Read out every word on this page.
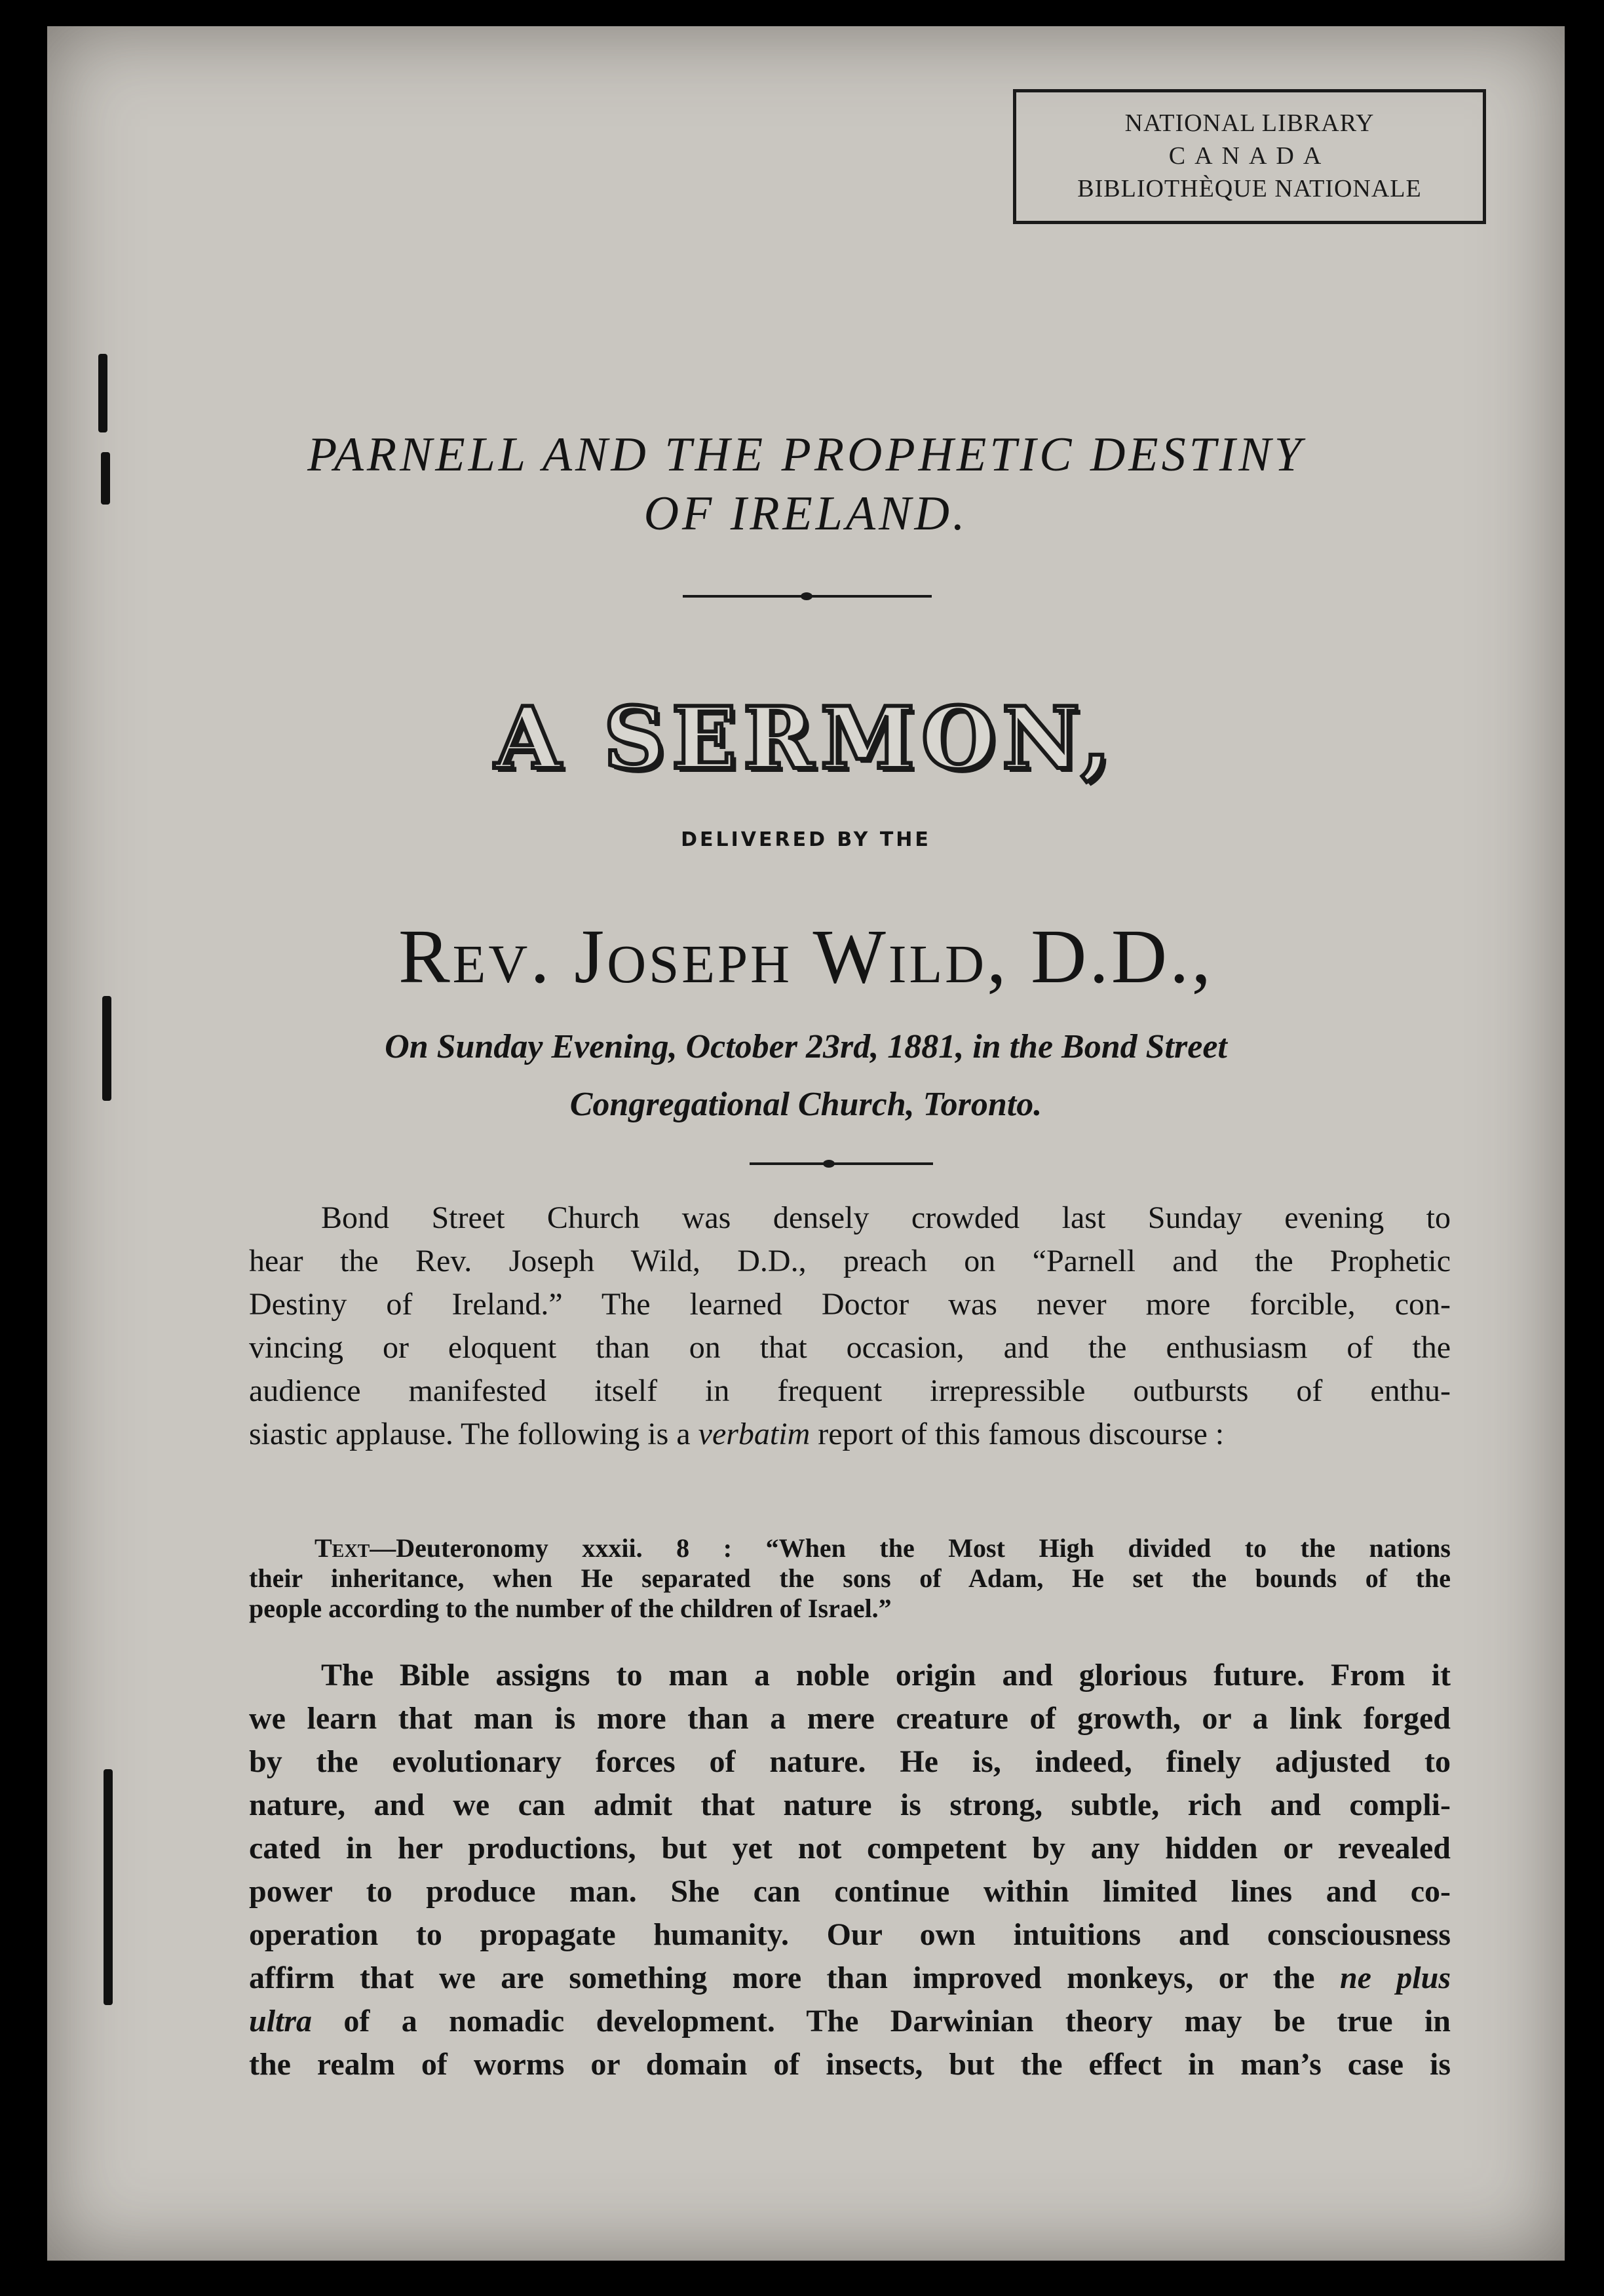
NATIONAL LIBRARY
CANADA
BIBLIOTHÈQUE NATIONALE
PARNELL AND THE PROPHETIC DESTINY
OF IRELAND.
A SERMON,
DELIVERED BY THE
Rev. Joseph Wild, D.D.,
On Sunday Evening, October 23rd, 1881, in the Bond Street
Congregational Church, Toronto.
Bond Street Church was densely crowded last Sunday evening to
hear the Rev. Joseph Wild, D.D., preach on “Parnell and the Prophetic
Destiny of Ireland.” The learned Doctor was never more forcible, con-
vincing or eloquent than on that occasion, and the enthusiasm of the
audience manifested itself in frequent irrepressible outbursts of enthu-
siastic applause. The following is a verbatim report of this famous discourse :
Text—Deuteronomy xxxii. 8 : “When the Most High divided to the nations
their inheritance, when He separated the sons of Adam, He set the bounds of the
people according to the number of the children of Israel.”
The Bible assigns to man a noble origin and glorious future. From it
we learn that man is more than a mere creature of growth, or a link forged
by the evolutionary forces of nature. He is, indeed, finely adjusted to
nature, and we can admit that nature is strong, subtle, rich and compli-
cated in her productions, but yet not competent by any hidden or revealed
power to produce man. She can continue within limited lines and co-
operation to propagate humanity. Our own intuitions and consciousness
affirm that we are something more than improved monkeys, or the ne plus
ultra of a nomadic development. The Darwinian theory may be true in
the realm of worms or domain of insects, but the effect in man’s case is
